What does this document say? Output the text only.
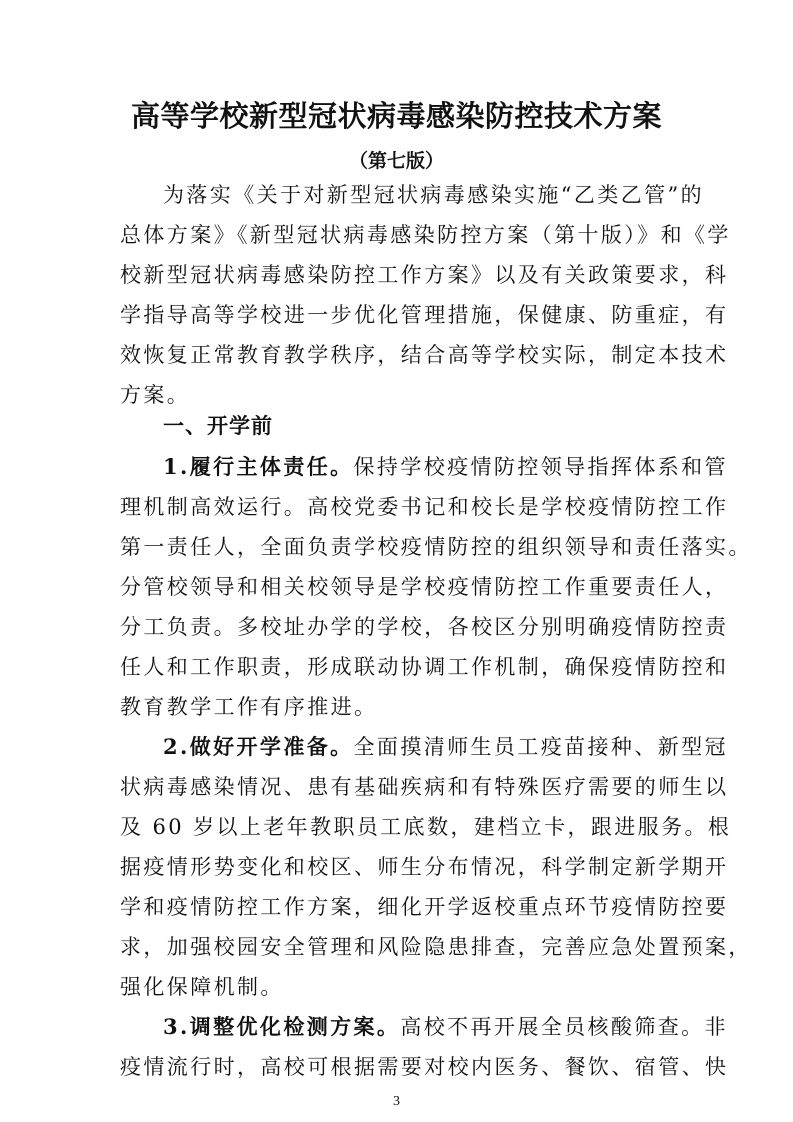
高等学校新型冠状病毒感染防控技术方案
（第七版）
为落实《关于对新型冠状病毒感染实施“乙类乙管”的
总体方案》《新型冠状病毒感染防控方案（第十版）》和《学
校新型冠状病毒感染防控工作方案》以及有关政策要求，科
学指导高等学校进一步优化管理措施，保健康、防重症，有
效恢复正常教育教学秩序，结合高等学校实际，制定本技术
方案。
一、开学前
1.履行主体责任。保持学校疫情防控领导指挥体系和管
理机制高效运行。高校党委书记和校长是学校疫情防控工作
第一责任人，全面负责学校疫情防控的组织领导和责任落实。
分管校领导和相关校领导是学校疫情防控工作重要责任人，
分工负责。多校址办学的学校，各校区分别明确疫情防控责
任人和工作职责，形成联动协调工作机制，确保疫情防控和
教育教学工作有序推进。
2.做好开学准备。全面摸清师生员工疫苗接种、新型冠
状病毒感染情况、患有基础疾病和有特殊医疗需要的师生以
及 60 岁以上老年教职员工底数，建档立卡，跟进服务。根
据疫情形势变化和校区、师生分布情况，科学制定新学期开
学和疫情防控工作方案，细化开学返校重点环节疫情防控要
求，加强校园安全管理和风险隐患排查，完善应急处置预案，
强化保障机制。
3.调整优化检测方案。高校不再开展全员核酸筛查。非
3
疫情流行时，高校可根据需要对校内医务、餐饮、宿管、快
